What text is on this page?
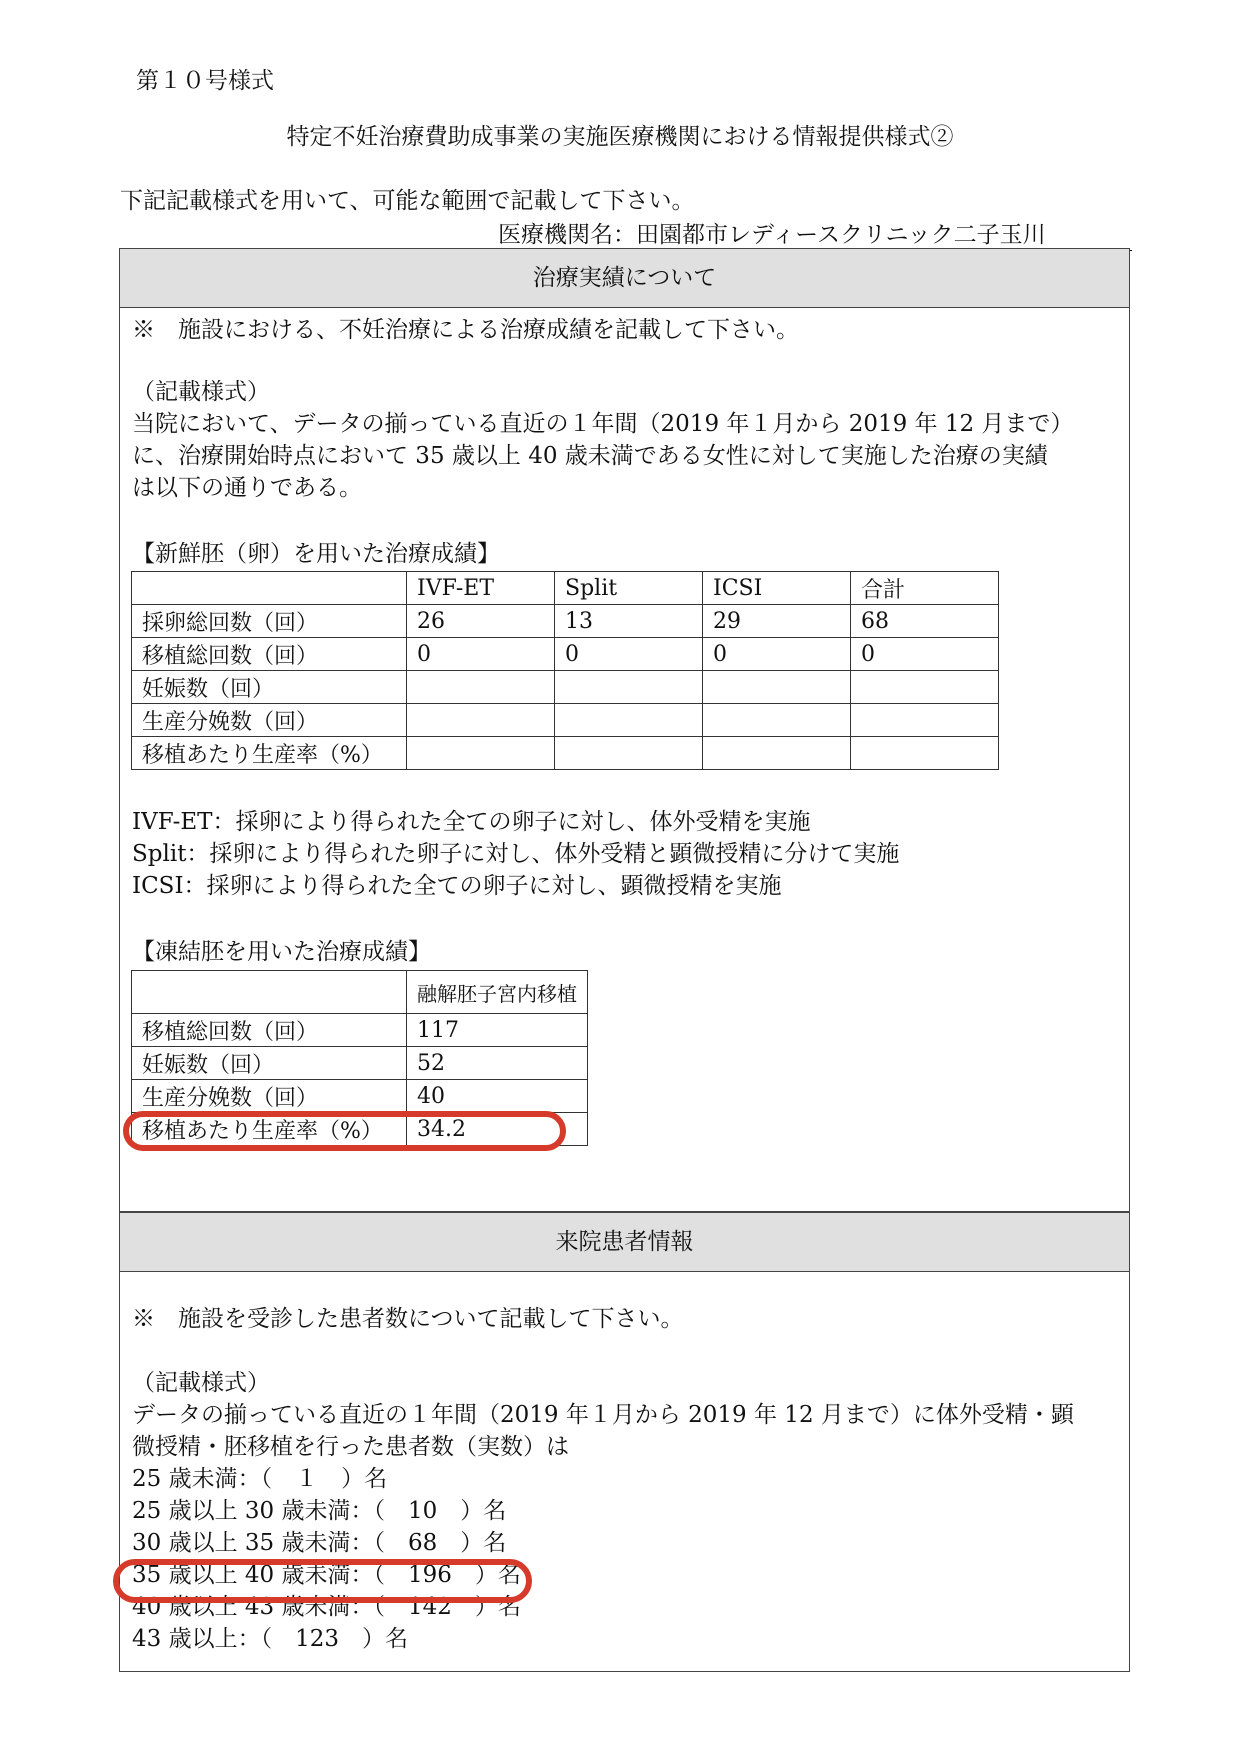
第１０号様式
特定不妊治療費助成事業の実施医療機関における情報提供様式②
下記記載様式を用いて、可能な範囲で記載して下さい。
医療機関名：田園都市レディースクリニック二子玉川
治療実績について
※　施設における、不妊治療による治療成績を記載して下さい。
（記載様式）
当院において、データの揃っている直近の１年間（2019 年１月から 2019 年 12 月まで）
に、治療開始時点において 35 歳以上 40 歳未満である女性に対して実施した治療の実績
は以下の通りである。
【新鮮胚（卵）を用いた治療成績】
	IVF-ET	Split	ICSI	合計
採卵総回数（回）	26	13	29	68
移植総回数（回）	0	0	0	0
妊娠数（回）				
生産分娩数（回）				
移植あたり生産率（%）				
IVF-ET：採卵により得られた全ての卵子に対し、体外受精を実施
Split：採卵により得られた卵子に対し、体外受精と顕微授精に分けて実施
ICSI：採卵により得られた全ての卵子に対し、顕微授精を実施
【凍結胚を用いた治療成績】
	融解胚子宮内移植
移植総回数（回）	117
妊娠数（回）	52
生産分娩数（回）	40
移植あたり生産率（%）	34.2
来院患者情報
※　施設を受診した患者数について記載して下さい。
（記載様式）
データの揃っている直近の１年間（2019 年１月から 2019 年 12 月まで）に体外受精・顕
微授精・胚移植を行った患者数（実数）は
25 歳未満：（　１　）名
25 歳以上 30 歳未満：（　10　）名
30 歳以上 35 歳未満：（　68　）名
35 歳以上 40 歳未満：（　196　）名
40 歳以上 43 歳未満：（　142　）名
43 歳以上：（　123　）名
